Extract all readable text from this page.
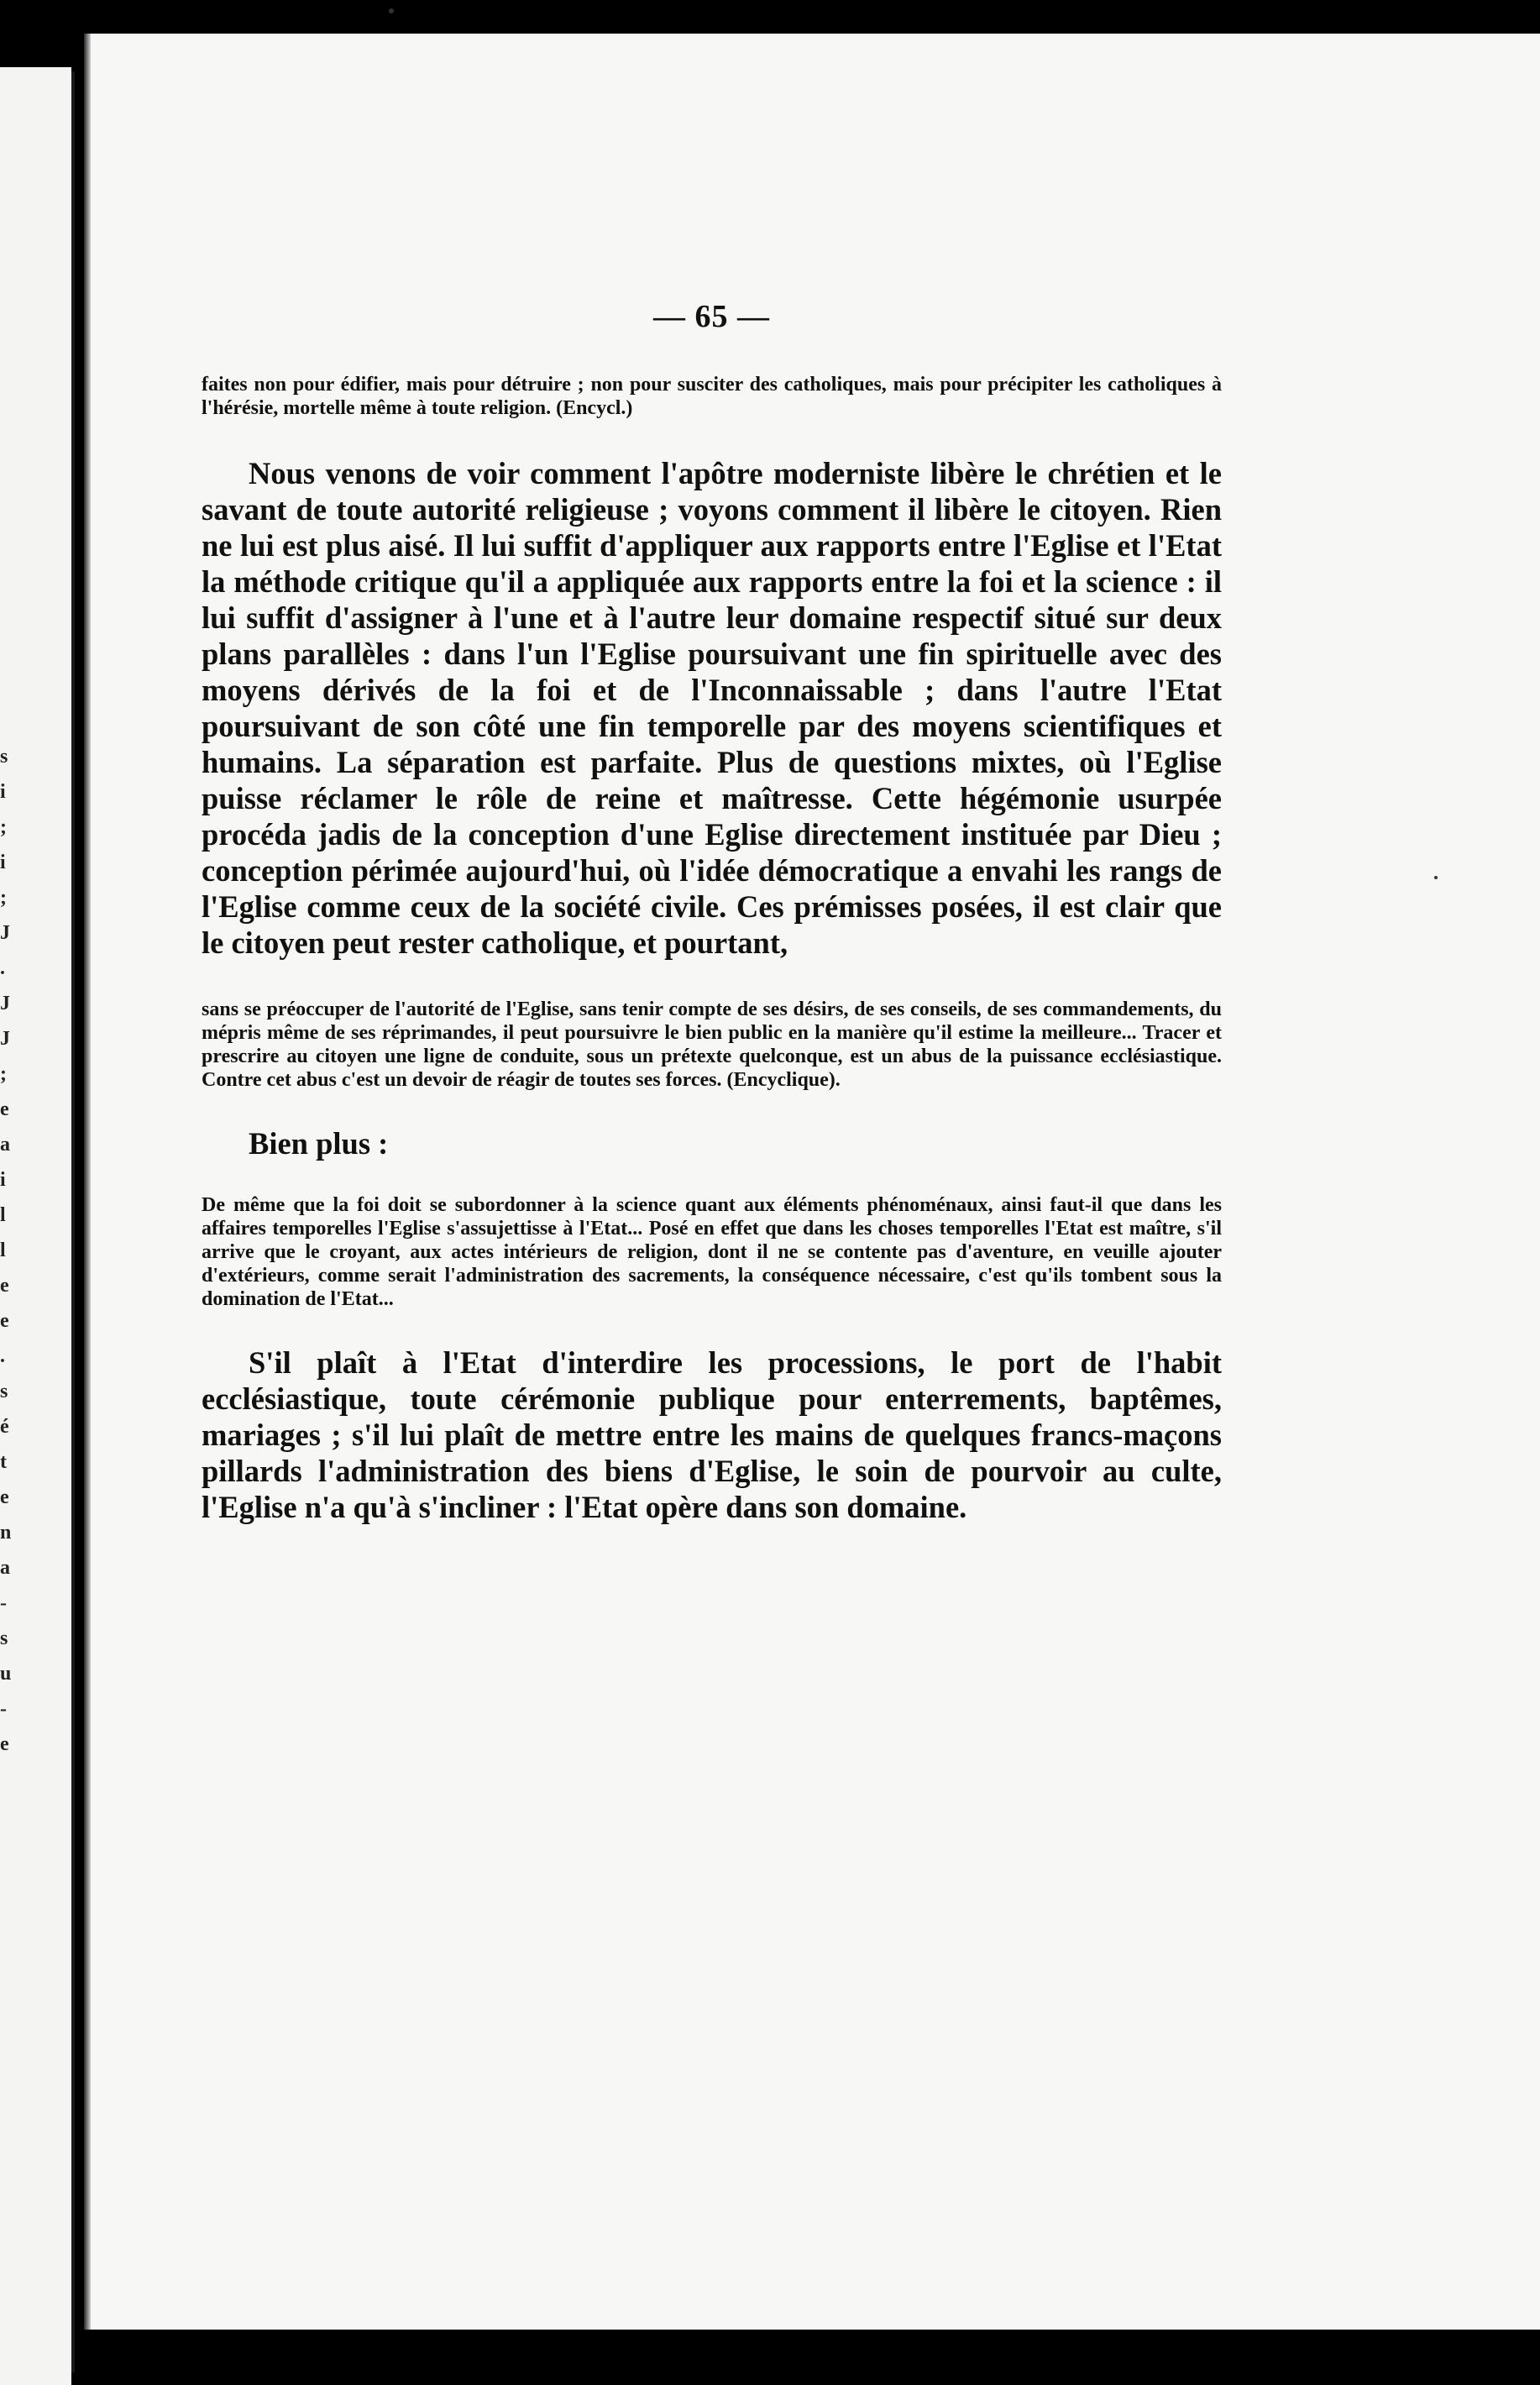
s
i
;
i
;
J
.
J
J
;
e
a
i
l
l
e
e
.
s
é
t
e
n
a
-
s
u
-
e
— 65 —

faites non pour édifier, mais pour détruire ; non pour susciter des catholiques, mais pour précipiter les catholiques à l'hérésie, mortelle même à toute religion. (Encycl.)

Nous venons de voir comment l'apôtre moderniste libère le chrétien et le savant de toute autorité religieuse ; voyons comment il libère le citoyen. Rien ne lui est plus aisé. Il lui suffit d'appliquer aux rapports entre l'Eglise et l'Etat la méthode critique qu'il a appliquée aux rapports entre la foi et la science : il lui suffit d'assigner à l'une et à l'autre leur domaine respectif situé sur deux plans parallèles : dans l'un l'Eglise poursuivant une fin spirituelle avec des moyens dérivés de la foi et de l'Inconnaissable ; dans l'autre l'Etat poursuivant de son côté une fin temporelle par des moyens scientifiques et humains. La séparation est parfaite. Plus de questions mixtes, où l'Eglise puisse réclamer le rôle de reine et maîtresse. Cette hégémonie usurpée procéda jadis de la conception d'une Eglise directement instituée par Dieu ; conception périmée aujourd'hui, où l'idée démocratique a envahi les rangs de l'Eglise comme ceux de la société civile. Ces prémisses posées, il est clair que le citoyen peut rester catholique, et pourtant,

sans se préoccuper de l'autorité de l'Eglise, sans tenir compte de ses désirs, de ses conseils, de ses commandements, du mépris même de ses réprimandes, il peut poursuivre le bien public en la manière qu'il estime la meilleure... Tracer et prescrire au citoyen une ligne de conduite, sous un prétexte quelconque, est un abus de la puissance ecclésiastique. Contre cet abus c'est un devoir de réagir de toutes ses forces. (Encyclique).

Bien plus :

De même que la foi doit se subordonner à la science quant aux éléments phénoménaux, ainsi faut-il que dans les affaires temporelles l'Eglise s'assujettisse à l'Etat... Posé en effet que dans les choses temporelles l'Etat est maître, s'il arrive que le croyant, aux actes intérieurs de religion, dont il ne se contente pas d'aventure, en veuille ajouter d'extérieurs, comme serait l'administration des sacrements, la conséquence nécessaire, c'est qu'ils tombent sous la domination de l'Etat...

S'il plaît à l'Etat d'interdire les processions, le port de l'habit ecclésiastique, toute cérémonie publique pour enterrements, baptêmes, mariages ; s'il lui plaît de mettre entre les mains de quelques francs-maçons pillards l'administration des biens d'Eglise, le soin de pourvoir au culte, l'Eglise n'a qu'à s'incliner : l'Etat opère dans son domaine.
